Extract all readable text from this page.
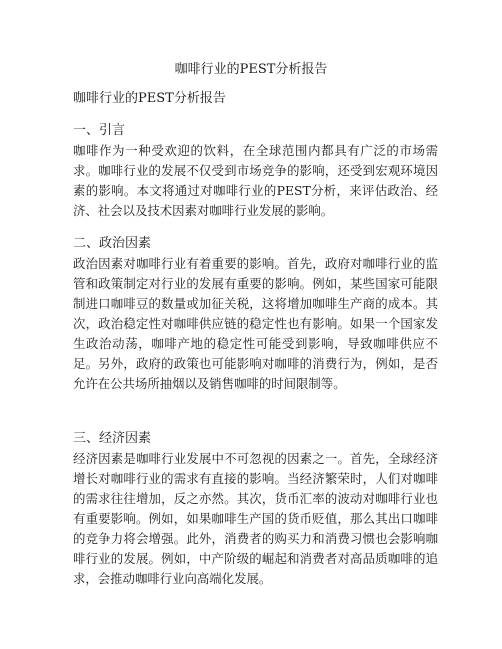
咖啡行业的PEST分析报告
咖啡行业的PEST分析报告

一、引言

咖啡作为一种受欢迎的饮料，在全球范围内都具有广泛的市场需求。咖啡行业的发展不仅受到市场竞争的影响，还受到宏观环境因素的影响。本文将通过对咖啡行业的PEST分析，来评估政治、经济、社会以及技术因素对咖啡行业发展的影响。

二、政治因素

政治因素对咖啡行业有着重要的影响。首先，政府对咖啡行业的监管和政策制定对行业的发展有重要的影响。例如，某些国家可能限制进口咖啡豆的数量或加征关税，这将增加咖啡生产商的成本。其次，政治稳定性对咖啡供应链的稳定性也有影响。如果一个国家发生政治动荡，咖啡产地的稳定性可能受到影响，导致咖啡供应不足。另外，政府的政策也可能影响对咖啡的消费行为，例如，是否允许在公共场所抽烟以及销售咖啡的时间限制等。

三、经济因素

经济因素是咖啡行业发展中不可忽视的因素之一。首先，全球经济增长对咖啡行业的需求有直接的影响。当经济繁荣时，人们对咖啡的需求往往增加，反之亦然。其次，货币汇率的波动对咖啡行业也有重要影响。例如，如果咖啡生产国的货币贬值，那么其出口咖啡的竞争力将会增强。此外，消费者的购买力和消费习惯也会影响咖啡行业的发展。例如，中产阶级的崛起和消费者对高品质咖啡的追求，会推动咖啡行业向高端化发展。
